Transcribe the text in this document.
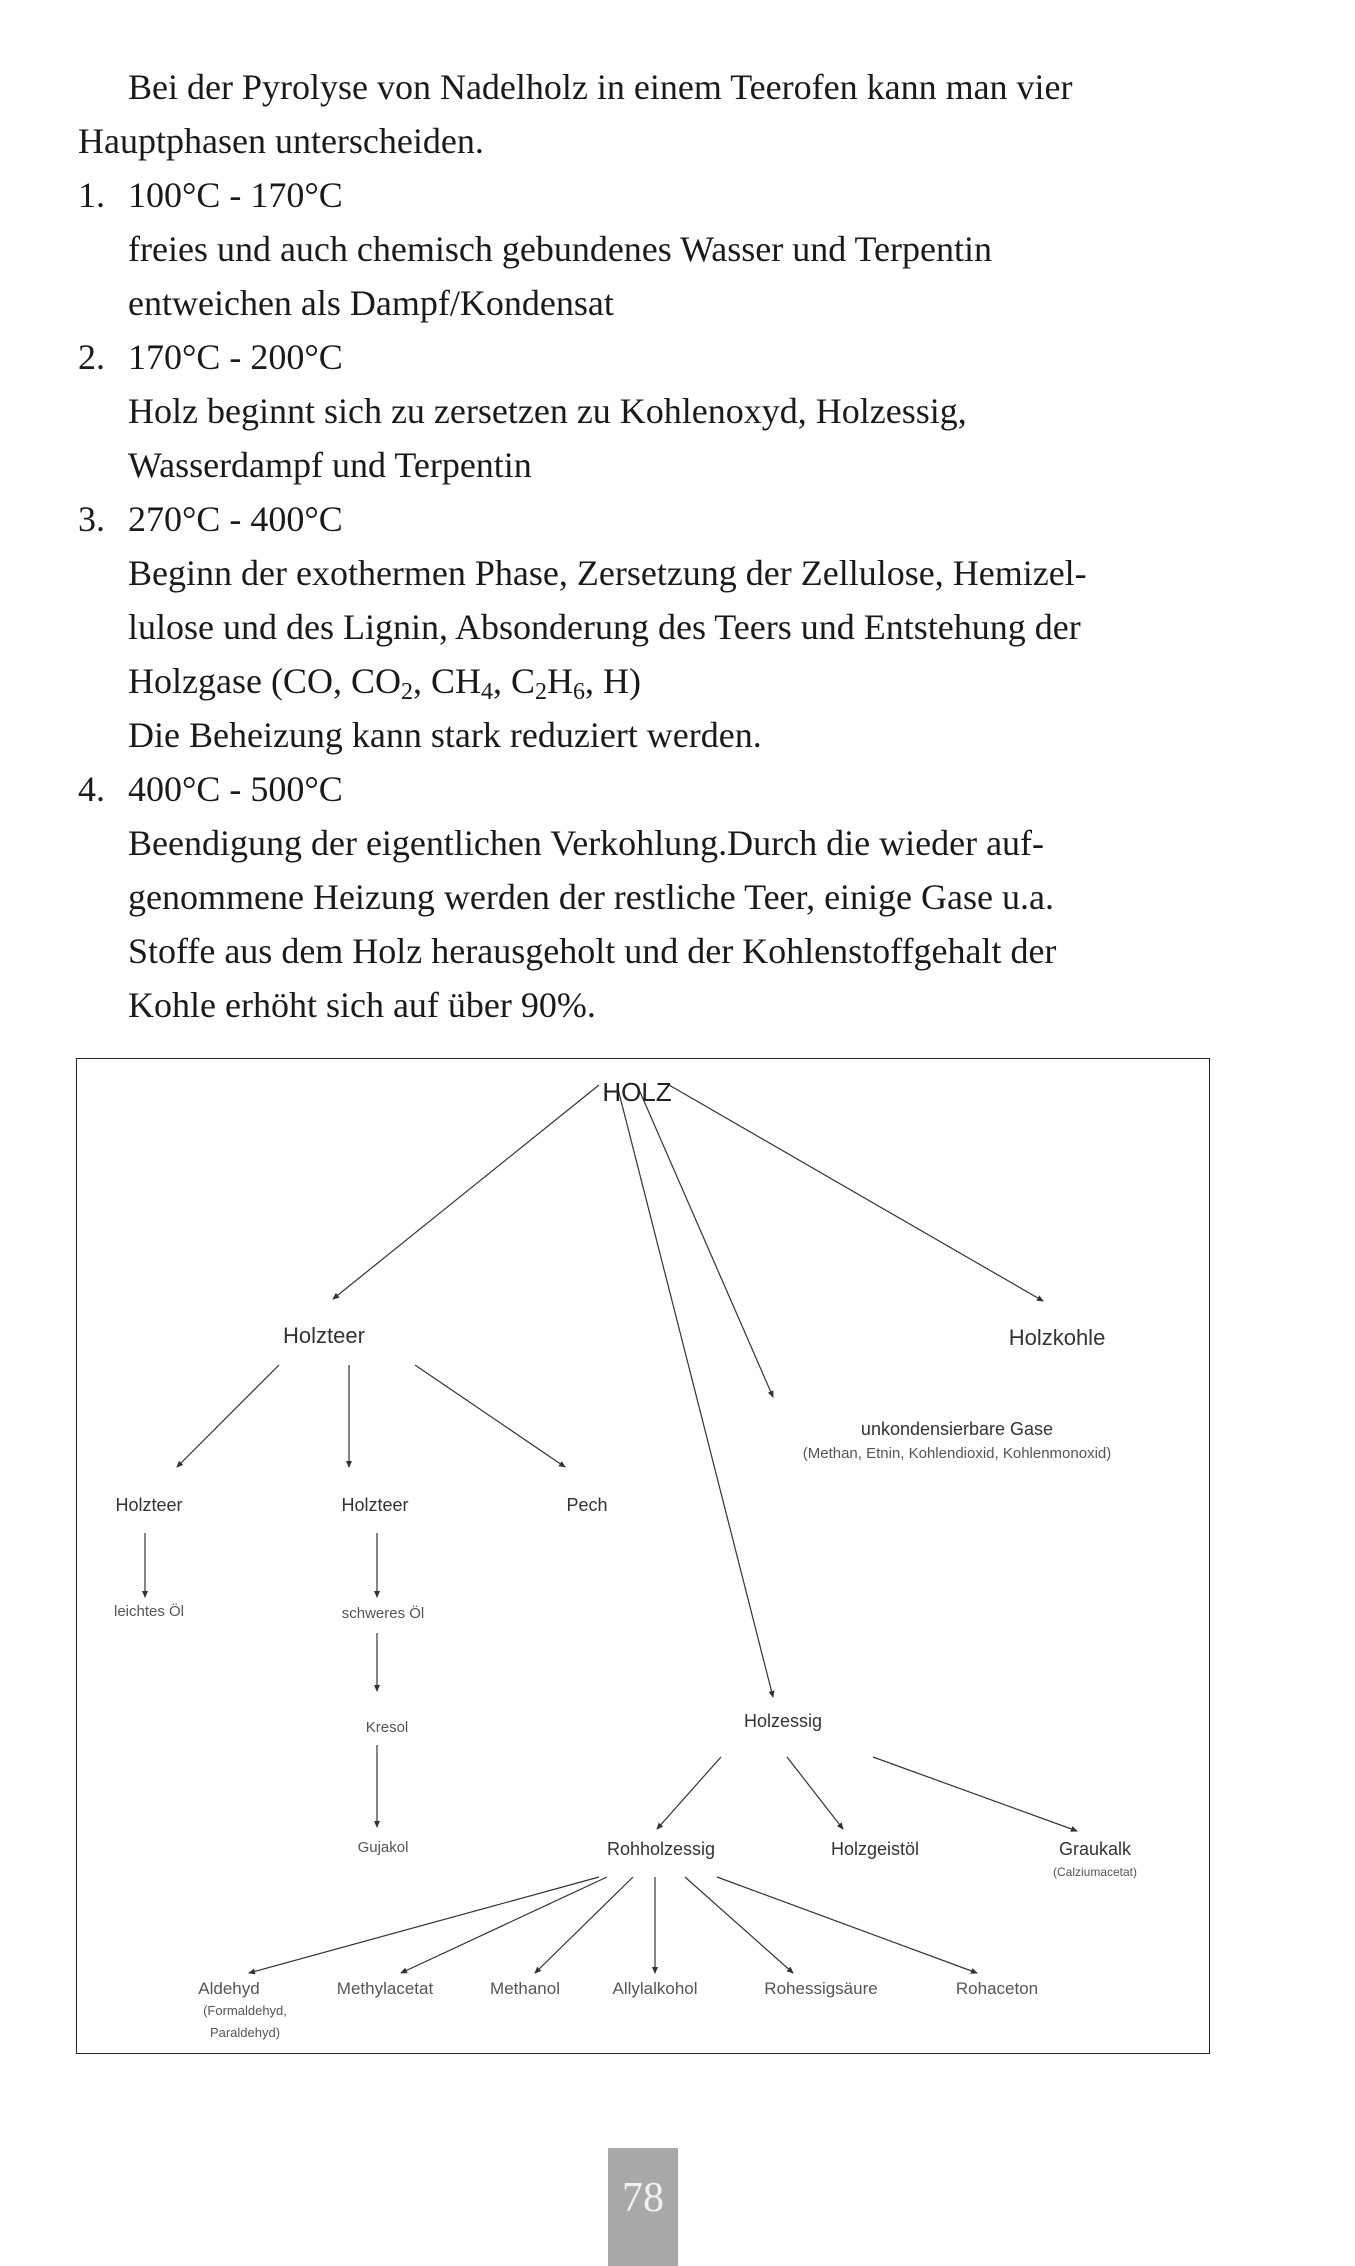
Bei der Pyrolyse von Nadelholz in einem Teerofen kann man vier
Hauptphasen unterscheiden.

1. 100°C - 170°C
freies und auch chemisch gebundenes Wasser und Terpentin
entweichen als Dampf/Kondensat
2. 170°C - 200°C
Holz beginnt sich zu zersetzen zu Kohlenoxyd, Holzessig,
Wasserdampf und Terpentin
3. 270°C - 400°C
Beginn der exothermen Phase, Zersetzung der Zellulose, Hemizel-
lulose und des Lignin, Absonderung des Teers und Entstehung der
Holzgase (CO, $CO_2$, $CH_4$, $C_2H_6$, H)
Die Beheizung kann stark reduziert werden.
4. 400°C - 500°C
Beendigung der eigentlichen Verkohlung.Durch die wieder auf-
genommene Heizung werden der restliche Teer, einige Gase u.a.
Stoffe aus dem Holz herausgeholt und der Kohlenstoffgehalt der
Kohle erhöht sich auf über 90%.
HOLZ
Holzteer	Holzkohle
unkondensierbare Gase
(Methan, Etnin, Kohlendioxid, Kohlenmonoxid)
Holzteer	Holzteer	Pech
leichtes Öl	schweres Öl
Kresol
Gujakol
Holzessig
Rohholzessig	Holzgeistöl	Graukalk
(Calziumacetat)
Aldehyd
(Formaldehyd,
Paraldehyd)
Methylacetat	Methanol	Allylalkohol	Rohessigsäure	Rohaceton
78
